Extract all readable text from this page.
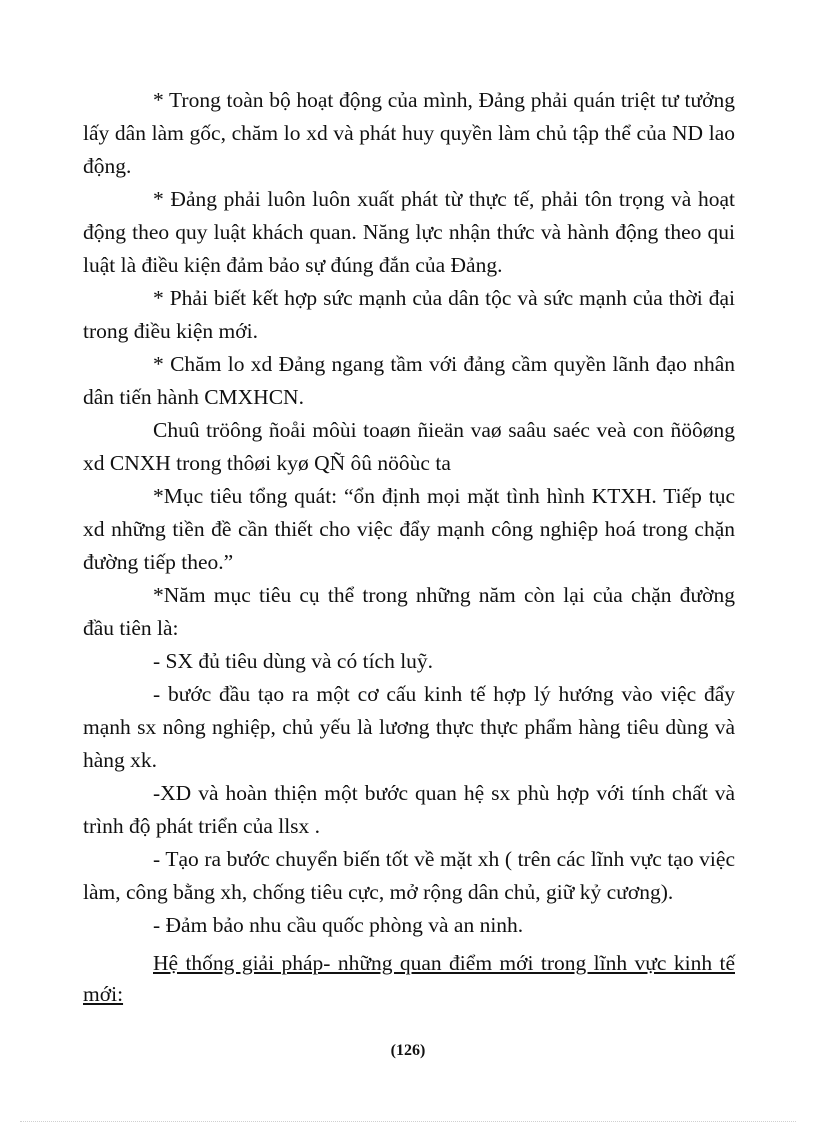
* Trong toàn bộ hoạt động của mình, Đảng phải quán triệt tư tưởng lấy dân làm gốc, chăm lo xd và phát huy quyền làm chủ tập thể của ND lao động.

* Đảng phải luôn luôn xuất phát từ thực tế, phải tôn trọng và hoạt động theo quy luật khách quan. Năng lực nhận thức và hành động theo qui luật là điều kiện đảm bảo sự đúng đắn của Đảng.

* Phải biết kết hợp sức mạnh của dân tộc và sức mạnh của thời đại trong điều kiện mới.

* Chăm lo xd Đảng ngang tầm với đảng cầm quyền lãnh đạo nhân dân tiến hành CMXHCN.

Chuû tröông ñoåi môùi toaøn ñieän vaø saâu saéc veà con ñöôøng xd CNXH trong thôøi kyø QÑ ôû nöôùc ta

*Mục tiêu tổng quát: “ổn định mọi mặt tình hình KTXH. Tiếp tục xd những tiền đề cần thiết cho việc đẩy mạnh công nghiệp hoá trong chặn đường tiếp theo.”

*Năm mục tiêu cụ thể trong những năm còn lại của chặn đường đầu tiên là:

- SX đủ tiêu dùng và có tích luỹ.

- bước đầu tạo ra một cơ cấu kinh tế hợp lý hướng vào việc đẩy mạnh sx nông nghiệp, chủ yếu là lương thực thực phẩm hàng tiêu dùng và hàng xk.

-XD và hoàn thiện một bước quan hệ sx phù hợp với tính chất và trình độ phát triển của llsx .

- Tạo ra bước chuyển biến tốt về mặt xh ( trên các lĩnh vực tạo việc làm, công bằng xh, chống tiêu cực, mở rộng dân chủ, giữ kỷ cương).

- Đảm bảo nhu cầu quốc phòng và an ninh.

Hệ thống giải pháp- những quan điểm mới trong lĩnh vực kinh tế mới:

(126)
